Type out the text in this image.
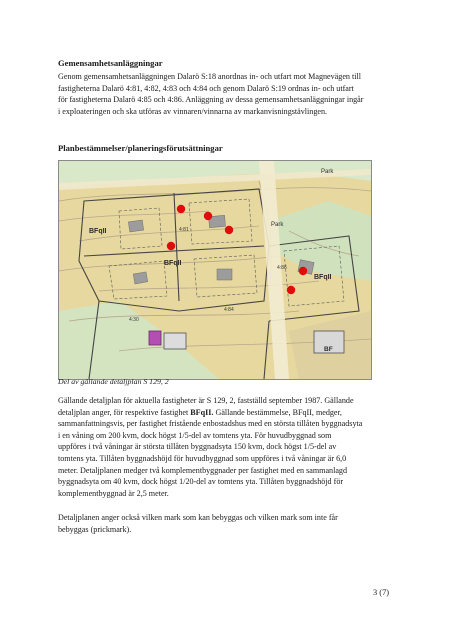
Gemensamhetsanläggningar
Genom gemensamhetsanläggningen Dalarö S:18 anordnas in- och utfart mot Magnevägen till
fastigheterna Dalarö 4:81, 4:82, 4:83 och 4:84 och genom Dalarö S:19 ordnas in- och utfart
för fastigheterna Dalarö 4:85 och 4:86. Anläggning av dessa gemensamhetsanläggningar ingår
i exploateringen och ska utföras av vinnaren/vinnarna av markanvisningstävlingen.
Planbestämmelser/planeringsförutsättningar
Park
BFqII
BFqII
BFqII
Park
BF
4:81
4:84
4:86
4:30
Del av gällande detaljplan S 129, 2
Gällande detaljplan för aktuella fastigheter är S 129, 2, fastställd september 1987. Gällande
detaljplan anger, för respektive fastighet BFqII. Gällande bestämmelse, BFqII, medger,
sammanfattningsvis, per fastighet fristående enbostadshus med en största tillåten byggnadsyta
i en våning om 200 kvm, dock högst 1/5-del av tomtens yta. För huvudbyggnad som
uppföres i två våningar är största tillåten byggnadsyta 150 kvm, dock högst 1/5-del av
tomtens yta. Tillåten byggnadshöjd för huvudbyggnad som uppföres i två våningar är 6,0
meter. Detaljplanen medger två komplementbyggnader per fastighet med en sammanlagd
byggnadsyta om 40 kvm, dock högst 1/20-del av tomtens yta. Tillåten byggnadshöjd för
komplementbyggnad är 2,5 meter.
Detaljplanen anger också vilken mark som kan bebyggas och vilken mark som inte får
bebyggas (prickmark).
3 (7)
